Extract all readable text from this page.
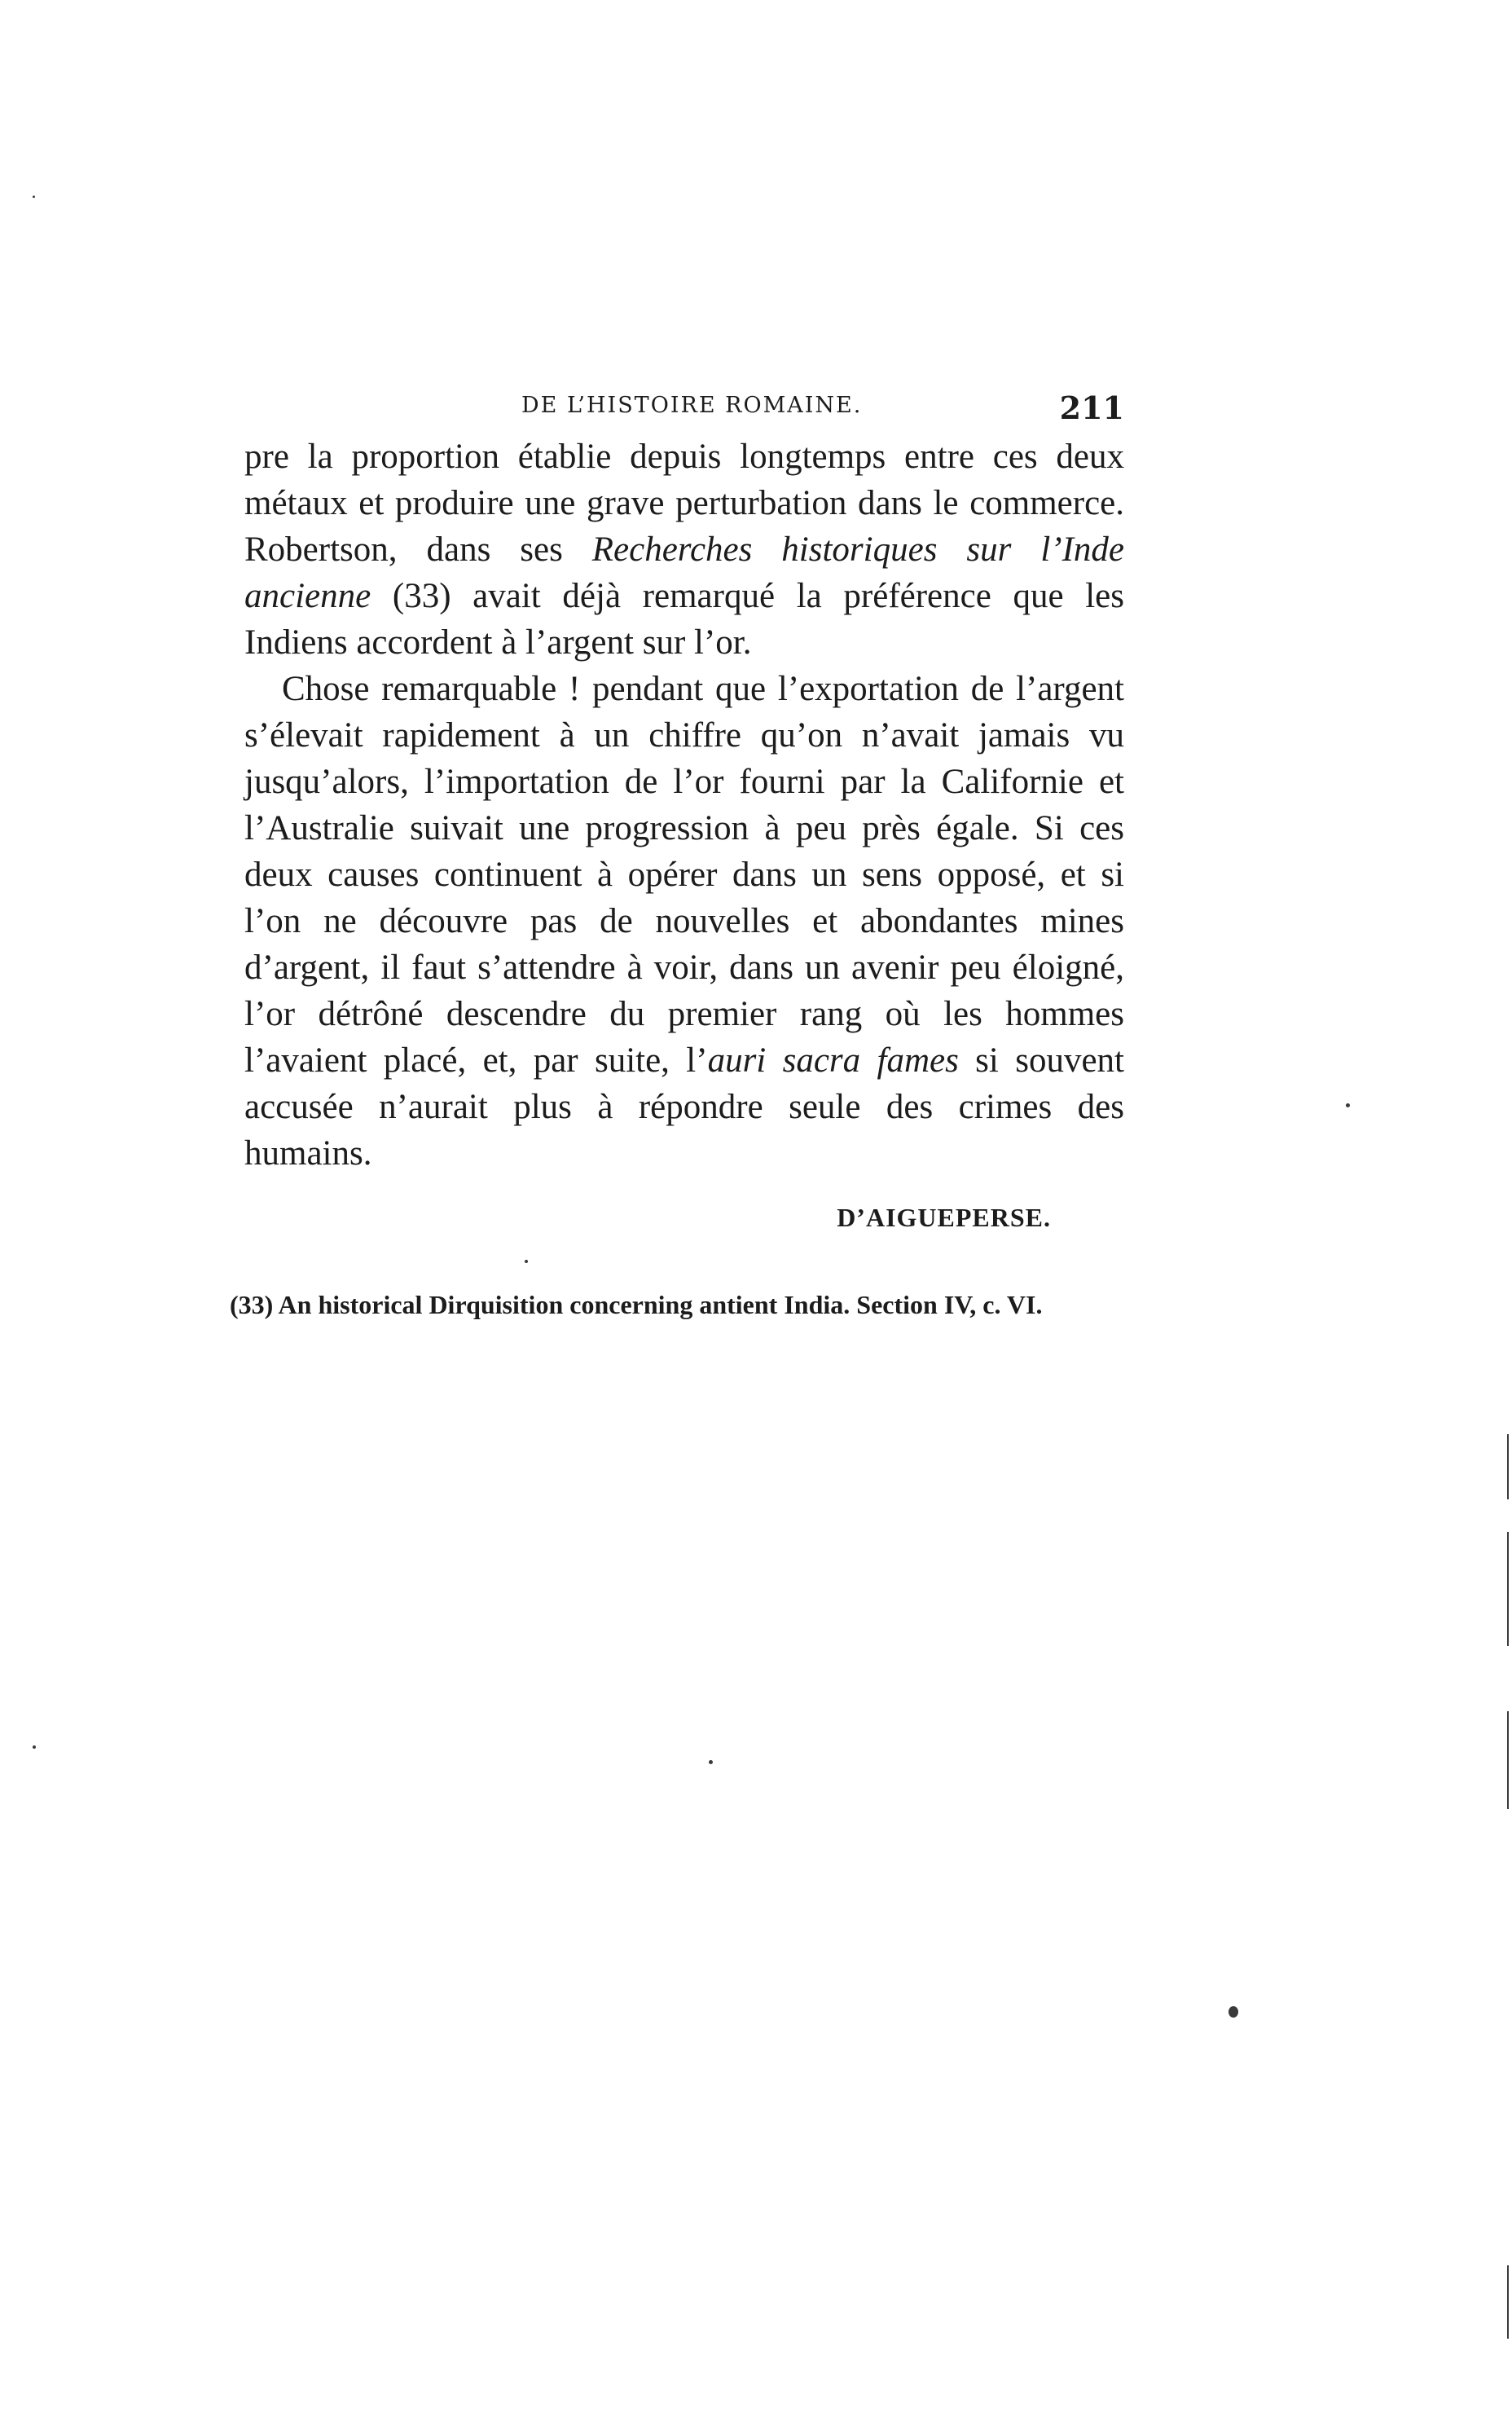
DE L’HISTOIRE ROMAINE.	211

pre la proportion établie depuis longtemps entre ces deux métaux et produire une grave perturbation dans le commerce. Robertson, dans ses Recherches historiques sur l’Inde ancienne (33) avait déjà remarqué la préférence que les Indiens accordent à l’argent sur l’or.

Chose remarquable ! pendant que l’exportation de l’argent s’élevait rapidement à un chiffre qu’on n’avait jamais vu jusqu’alors, l’importation de l’or fourni par la Californie et l’Australie suivait une progression à peu près égale. Si ces deux causes continuent à opérer dans un sens opposé, et si l’on ne découvre pas de nouvelles et abondantes mines d’argent, il faut s’attendre à voir, dans un avenir peu éloigné, l’or détrôné descendre du premier rang où les hommes l’avaient placé, et, par suite, l’auri sacra fames si souvent accusée n’aurait plus à répondre seule des crimes des humains.

D’AIGUEPERSE.
(33) An historical Dirquisition concerning antient India. Section IV, c. VI.
